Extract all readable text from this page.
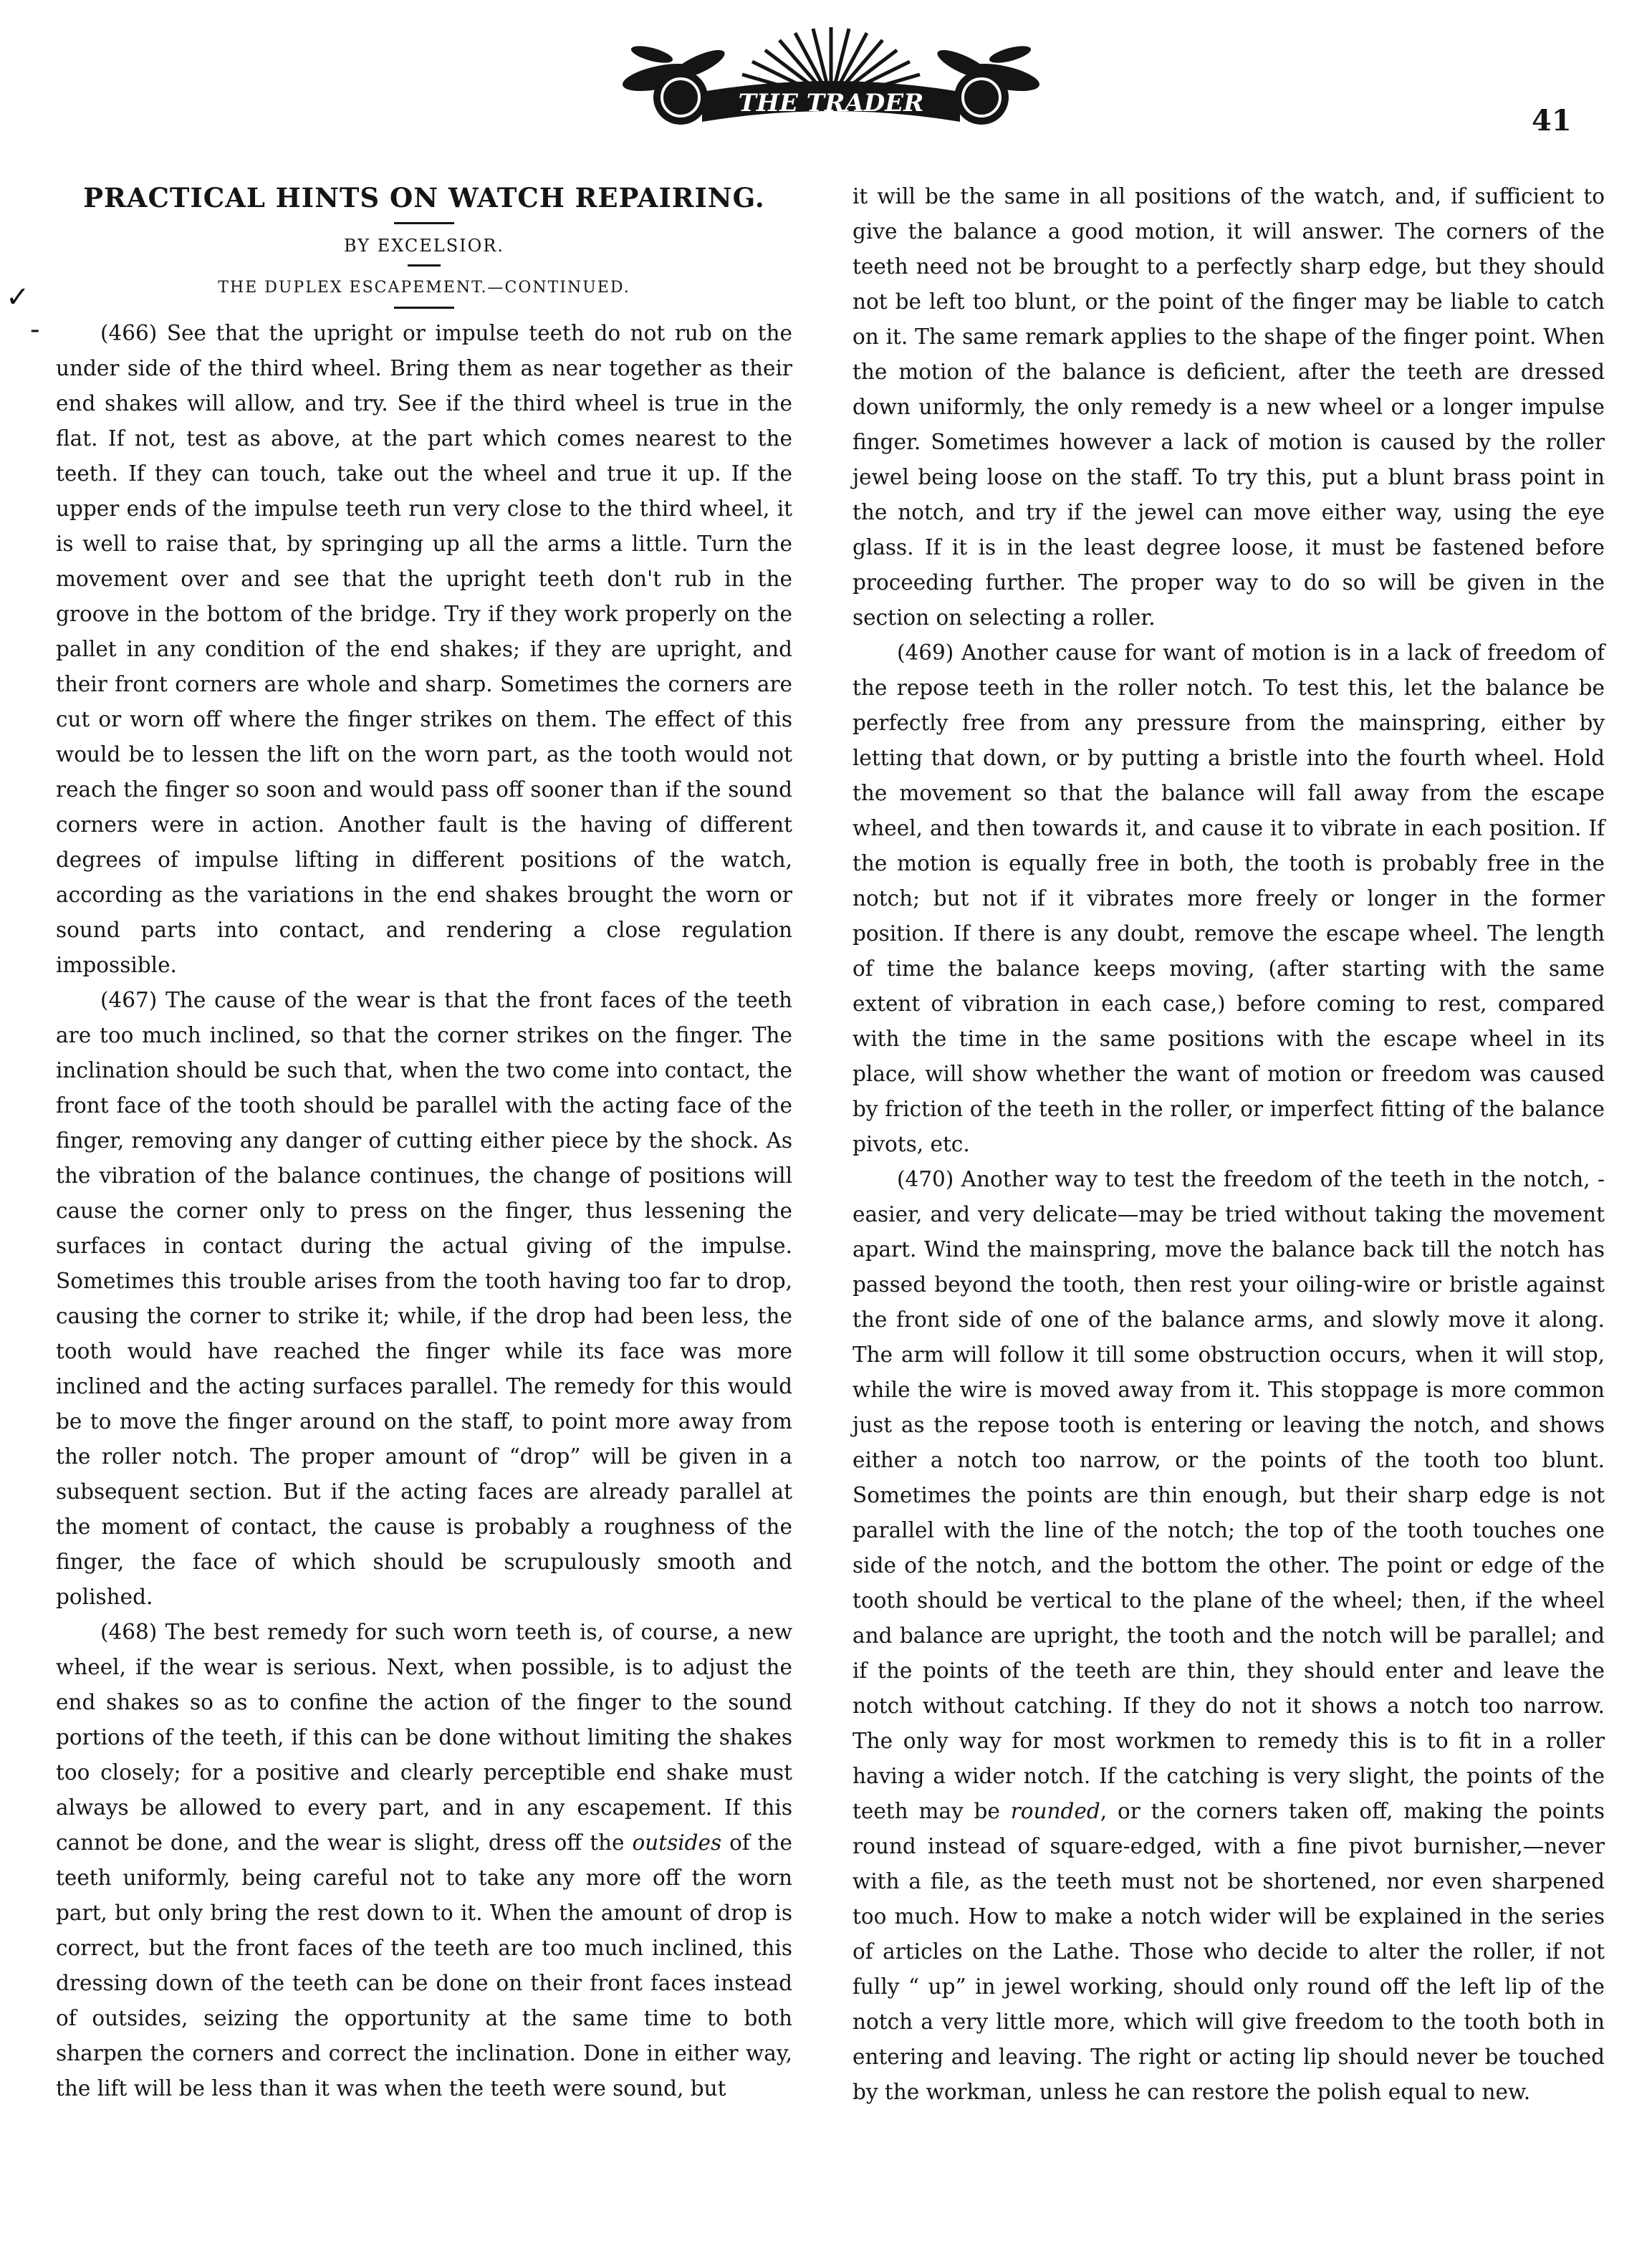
THE TRADER
41
✓
-
PRACTICAL HINTS ON WATCH REPAIRING.
BY EXCELSIOR.
THE DUPLEX ESCAPEMENT.—CONTINUED.

(466) See that the upright or impulse teeth do not rub on the under side of the third wheel. Bring them as near together as their end shakes will allow, and try. See if the third wheel is true in the flat. If not, test as above, at the part which comes nearest to the teeth. If they can touch, take out the wheel and true it up. If the upper ends of the impulse teeth run very close to the third wheel, it is well to raise that, by springing up all the arms a little. Turn the movement over and see that the upright teeth don't rub in the groove in the bottom of the bridge. Try if they work properly on the pallet in any condition of the end shakes; if they are upright, and their front corners are whole and sharp. Sometimes the corners are cut or worn off where the finger strikes on them. The effect of this would be to lessen the lift on the worn part, as the tooth would not reach the finger so soon and would pass off sooner than if the sound corners were in action. Another fault is the having of different degrees of impulse lifting in different positions of the watch, according as the variations in the end shakes brought the worn or sound parts into contact, and rendering a close regulation impossible.

(467) The cause of the wear is that the front faces of the teeth are too much inclined, so that the corner strikes on the finger. The inclination should be such that, when the two come into contact, the front face of the tooth should be parallel with the acting face of the finger, removing any danger of cutting either piece by the shock. As the vibration of the balance continues, the change of positions will cause the corner only to press on the finger, thus lessening the surfaces in contact during the actual giving of the impulse. Sometimes this trouble arises from the tooth having too far to drop, causing the corner to strike it; while, if the drop had been less, the tooth would have reached the finger while its face was more inclined and the acting surfaces parallel. The remedy for this would be to move the finger around on the staff, to point more away from the roller notch. The proper amount of “drop” will be given in a subsequent section. But if the acting faces are already parallel at the moment of contact, the cause is probably a roughness of the finger, the face of which should be scrupulously smooth and polished.

(468) The best remedy for such worn teeth is, of course, a new wheel, if the wear is serious. Next, when possible, is to adjust the end shakes so as to confine the action of the finger to the sound portions of the teeth, if this can be done without limiting the shakes too closely; for a positive and clearly perceptible end shake must always be allowed to every part, and in any escapement. If this cannot be done, and the wear is slight, dress off the outsides of the teeth uniformly, being careful not to take any more off the worn part, but only bring the rest down to it. When the amount of drop is correct, but the front faces of the teeth are too much inclined, this dressing down of the teeth can be done on their front faces instead of outsides, seizing the opportunity at the same time to both sharpen the corners and correct the inclination. Done in either way, the lift will be less than it was when the teeth were sound, but

it will be the same in all positions of the watch, and, if sufficient to give the balance a good motion, it will answer. The corners of the teeth need not be brought to a perfectly sharp edge, but they should not be left too blunt, or the point of the finger may be liable to catch on it. The same remark applies to the shape of the finger point. When the motion of the balance is deficient, after the teeth are dressed down uniformly, the only remedy is a new wheel or a longer impulse finger. Sometimes however a lack of motion is caused by the roller jewel being loose on the staff. To try this, put a blunt brass point in the notch, and try if the jewel can move either way, using the eye glass. If it is in the least degree loose, it must be fastened before proceeding further. The proper way to do so will be given in the section on selecting a roller.

(469) Another cause for want of motion is in a lack of freedom of the repose teeth in the roller notch. To test this, let the balance be perfectly free from any pressure from the mainspring, either by letting that down, or by putting a bristle into the fourth wheel. Hold the movement so that the balance will fall away from the escape wheel, and then towards it, and cause it to vibrate in each position. If the motion is equally free in both, the tooth is probably free in the notch; but not if it vibrates more freely or longer in the former position. If there is any doubt, remove the escape wheel. The length of time the balance keeps moving, (after starting with the same extent of vibration in each case,) before coming to rest, compared with the time in the same positions with the escape wheel in its place, will show whether the want of motion or freedom was caused by friction of the teeth in the roller, or imperfect fitting of the balance pivots, etc.

(470) Another way to test the freedom of the teeth in the notch, -easier, and very delicate—may be tried without taking the movement apart. Wind the mainspring, move the balance back till the notch has passed beyond the tooth, then rest your oiling-wire or bristle against the front side of one of the balance arms, and slowly move it along. The arm will follow it till some obstruction occurs, when it will stop, while the wire is moved away from it. This stoppage is more common just as the repose tooth is entering or leaving the notch, and shows either a notch too narrow, or the points of the tooth too blunt. Sometimes the points are thin enough, but their sharp edge is not parallel with the line of the notch; the top of the tooth touches one side of the notch, and the bottom the other. The point or edge of the tooth should be vertical to the plane of the wheel; then, if the wheel and balance are upright, the tooth and the notch will be parallel; and if the points of the teeth are thin, they should enter and leave the notch without catching. If they do not it shows a notch too narrow. The only way for most workmen to remedy this is to fit in a roller having a wider notch. If the catching is very slight, the points of the teeth may be rounded, or the corners taken off, making the points round instead of square-edged, with a fine pivot burnisher,—never with a file, as the teeth must not be shortened, nor even sharpened too much. How to make a notch wider will be explained in the series of articles on the Lathe. Those who decide to alter the roller, if not fully “ up” in jewel working, should only round off the left lip of the notch a very little more, which will give freedom to the tooth both in entering and leaving. The right or acting lip should never be touched by the workman, unless he can restore the polish equal to new.
